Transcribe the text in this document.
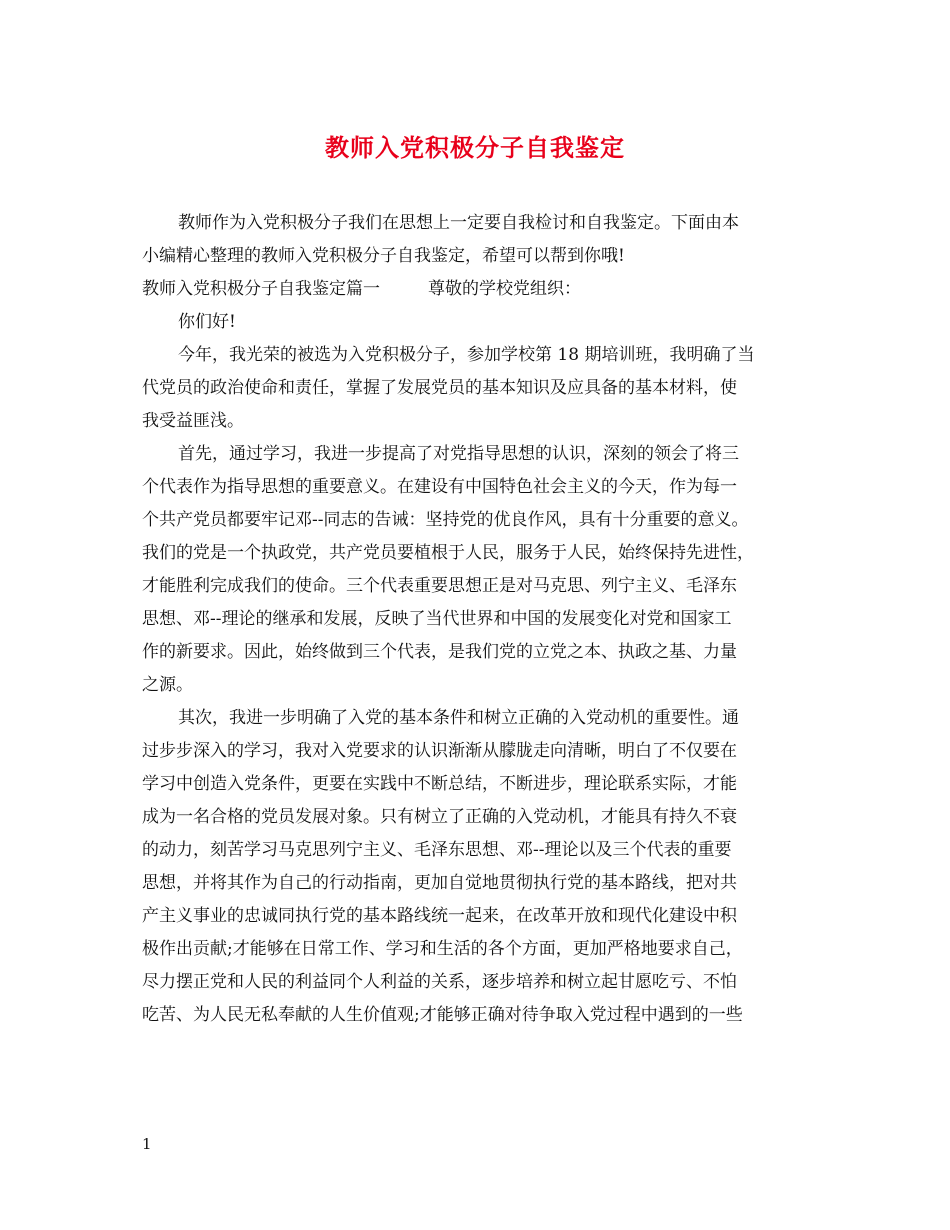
教师入党积极分子自我鉴定
教师作为入党积极分子我们在思想上一定要自我检讨和自我鉴定。下面由本
小编精心整理的教师入党积极分子自我鉴定，希望可以帮到你哦!
教师入党积极分子自我鉴定篇一	尊敬的学校党组织：
你们好!
今年，我光荣的被选为入党积极分子，参加学校第 18 期培训班，我明确了当
代党员的政治使命和责任，掌握了发展党员的基本知识及应具备的基本材料，使
我受益匪浅。
首先，通过学习，我进一步提高了对党指导思想的认识，深刻的领会了将三
个代表作为指导思想的重要意义。在建设有中国特色社会主义的今天，作为每一
个共产党员都要牢记邓--同志的告诫：坚持党的优良作风，具有十分重要的意义。
我们的党是一个执政党，共产党员要植根于人民，服务于人民，始终保持先进性，
才能胜利完成我们的使命。三个代表重要思想正是对马克思、列宁主义、毛泽东
思想、邓--理论的继承和发展，反映了当代世界和中国的发展变化对党和国家工
作的新要求。因此，始终做到三个代表，是我们党的立党之本、执政之基、力量
之源。
其次，我进一步明确了入党的基本条件和树立正确的入党动机的重要性。通
过步步深入的学习，我对入党要求的认识渐渐从朦胧走向清晰，明白了不仅要在
学习中创造入党条件，更要在实践中不断总结，不断进步，理论联系实际，才能
成为一名合格的党员发展对象。只有树立了正确的入党动机，才能具有持久不衰
的动力，刻苦学习马克思列宁主义、毛泽东思想、邓--理论以及三个代表的重要
思想，并将其作为自己的行动指南，更加自觉地贯彻执行党的基本路线，把对共
产主义事业的忠诚同执行党的基本路线统一起来，在改革开放和现代化建设中积
极作出贡献;才能够在日常工作、学习和生活的各个方面，更加严格地要求自己，
尽力摆正党和人民的利益同个人利益的关系，逐步培养和树立起甘愿吃亏、不怕
吃苦、为人民无私奉献的人生价值观;才能够正确对待争取入党过程中遇到的一些
1
